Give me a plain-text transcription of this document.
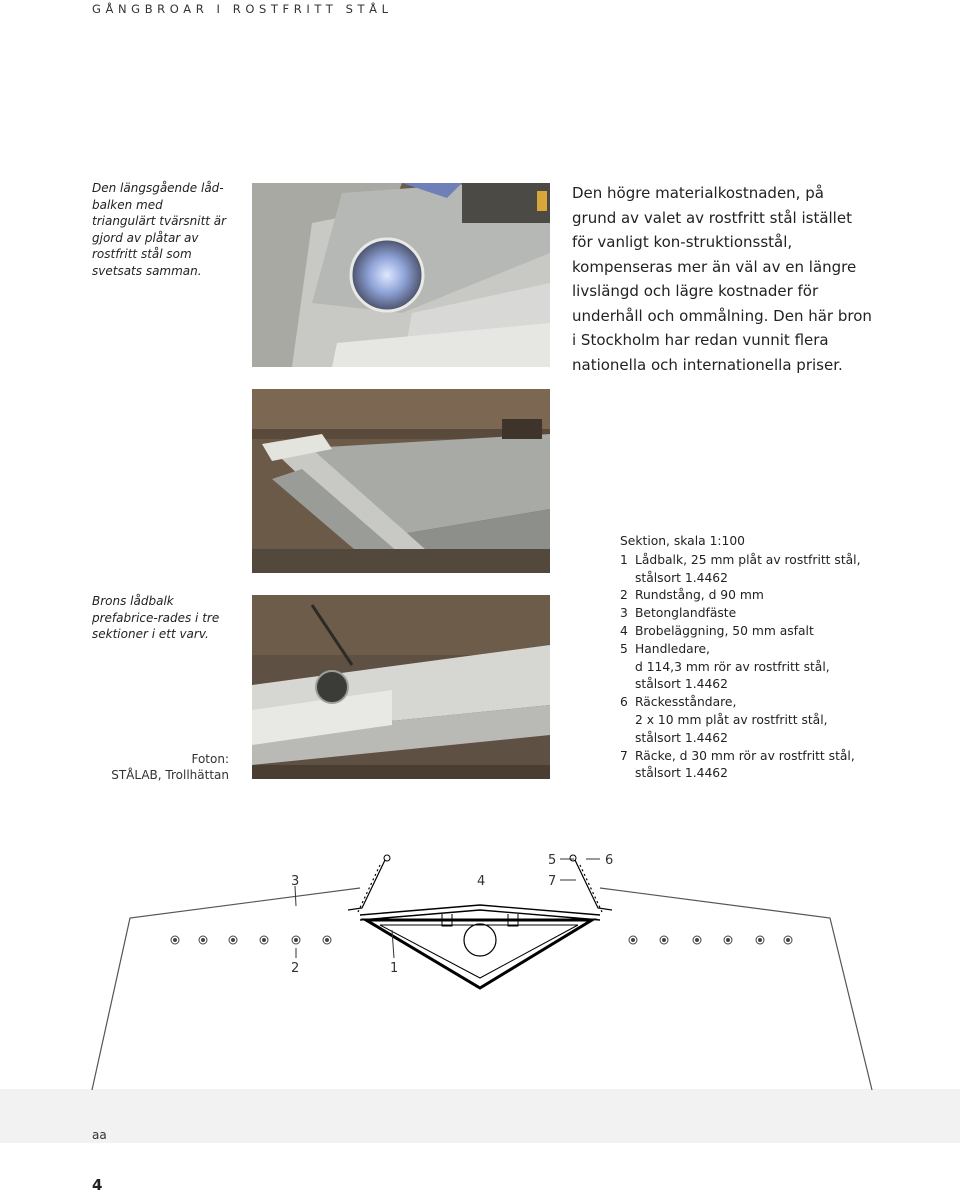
GÅNGBROAR I ROSTFRITT STÅL
Den längsgående låd-balken med triangulärt tvärsnitt är gjord av plåtar av rostfritt stål som svetsats samman.
Den högre materialkostnaden, på grund av valet av rostfritt stål istället för vanligt kon-struktionsstål, kompenseras mer än väl av en längre livslängd och lägre kostnader för underhåll och ommålning. Den här bron i Stockholm har redan vunnit flera nationella och internationella priser.
Brons lådbalk prefabrice-rades i tre sektioner i ett varv.
Sektion, skala 1:100
1 Lådbalk, 25 mm plåt av rostfritt stål,
stålsort 1.4462
2 Rundstång, d 90 mm
3 Betonglandfäste
4 Brobeläggning, 50 mm asfalt
5 Handledare,
d 114,3 mm rör av rostfritt stål,
stålsort 1.4462
6 Räckesståndare,
2 x 10 mm plåt av rostfritt stål,
stålsort 1.4462
7 Räcke, d 30 mm rör av rostfritt stål,
stålsort 1.4462
Foton:
STÅLAB, Trollhättan
3	4
5	6
7
2	1
aa
4
